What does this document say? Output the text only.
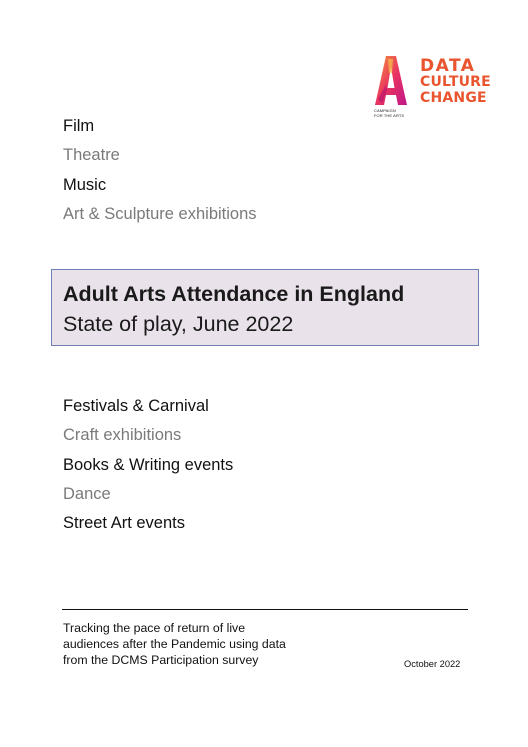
CAMPAIGN
FOR THE ARTS
DATA
CULTURE
CHANGE
Film
Theatre
Music
Art & Sculpture exhibitions
Adult Arts Attendance in England
State of play, June 2022
Festivals & Carnival
Craft exhibitions
Books & Writing events
Dance
Street Art events
Tracking the pace of return of live
audiences after the Pandemic using data
from the DCMS Participation survey	October 2022
